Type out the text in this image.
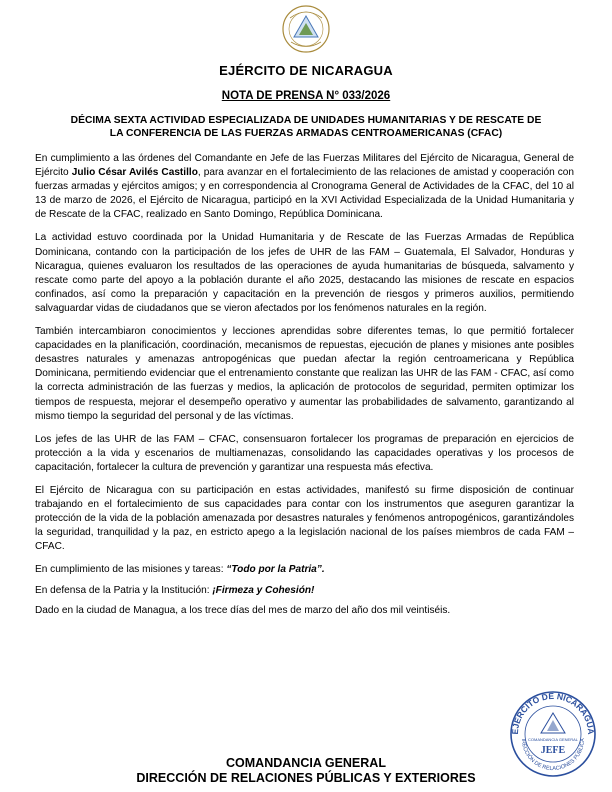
EJÉRCITO DE NICARAGUA
NOTA DE PRENSA N° 033/2026
DÉCIMA SEXTA ACTIVIDAD ESPECIALIZADA DE UNIDADES HUMANITARIAS Y DE RESCATE DE
LA CONFERENCIA DE LAS FUERZAS ARMADAS CENTROAMERICANAS (CFAC)

En cumplimiento a las órdenes del Comandante en Jefe de las Fuerzas Militares del Ejército de Nicaragua, General de Ejército Julio César Avilés Castillo, para avanzar en el fortalecimiento de las relaciones de amistad y cooperación con fuerzas armadas y ejércitos amigos; y en correspondencia al Cronograma General de Actividades de la CFAC, del 10 al 13 de marzo de 2026, el Ejército de Nicaragua, participó en la XVI Actividad Especializada de la Unidad Humanitaria y de Rescate de la CFAC, realizado en Santo Domingo, República Dominicana.

La actividad estuvo coordinada por la Unidad Humanitaria y de Rescate de las Fuerzas Armadas de República Dominicana, contando con la participación de los jefes de UHR de las FAM – Guatemala, El Salvador, Honduras y Nicaragua, quienes evaluaron los resultados de las operaciones de ayuda humanitarias de búsqueda, salvamento y rescate como parte del apoyo a la población durante el año 2025, destacando las misiones de rescate en espacios confinados, así como la preparación y capacitación en la prevención de riesgos y primeros auxilios, permitiendo salvaguardar vidas de ciudadanos que se vieron afectados por los fenómenos naturales en la región.

También intercambiaron conocimientos y lecciones aprendidas sobre diferentes temas, lo que permitió fortalecer capacidades en la planificación, coordinación, mecanismos de repuestas, ejecución de planes y misiones ante posibles desastres naturales y amenazas antropogénicas que puedan afectar la región centroamericana y República Dominicana, permitiendo evidenciar que el entrenamiento constante que realizan las UHR de las FAM - CFAC, así como la correcta administración de las fuerzas y medios, la aplicación de protocolos de seguridad, permiten optimizar los tiempos de respuesta, mejorar el desempeño operativo y aumentar las probabilidades de salvamento, garantizando al mismo tiempo la seguridad del personal y de las víctimas.

Los jefes de las UHR de las FAM – CFAC, consensuaron fortalecer los programas de preparación en ejercicios de protección a la vida y escenarios de multiamenazas, consolidando las capacidades operativas y los procesos de capacitación, fortalecer la cultura de prevención y garantizar una respuesta más efectiva.

El Ejército de Nicaragua con su participación en estas actividades, manifestó su firme disposición de continuar trabajando en el fortalecimiento de sus capacidades para contar con los instrumentos que aseguren garantizar la protección de la vida de la población amenazada por desastres naturales y fenómenos antropogénicos, garantizándoles la seguridad, tranquilidad y la paz, en estricto apego a la legislación nacional de los países miembros de cada FAM – CFAC.

En cumplimiento de las misiones y tareas: “Todo por la Patria”.

En defensa de la Patria y la Institución: ¡Firmeza y Cohesión!

Dado en la ciudad de Managua, a los trece días del mes de marzo del año dos mil veintiséis.

EJÉRCITO DE NICARAGUA
IRECCIÓN DE RELACIONES PÚBLICA
COMANDANCIA GENERAL
JEFE
COMANDANCIA GENERAL
DIRECCIÓN DE RELACIONES PÚBLICAS Y EXTERIORES
